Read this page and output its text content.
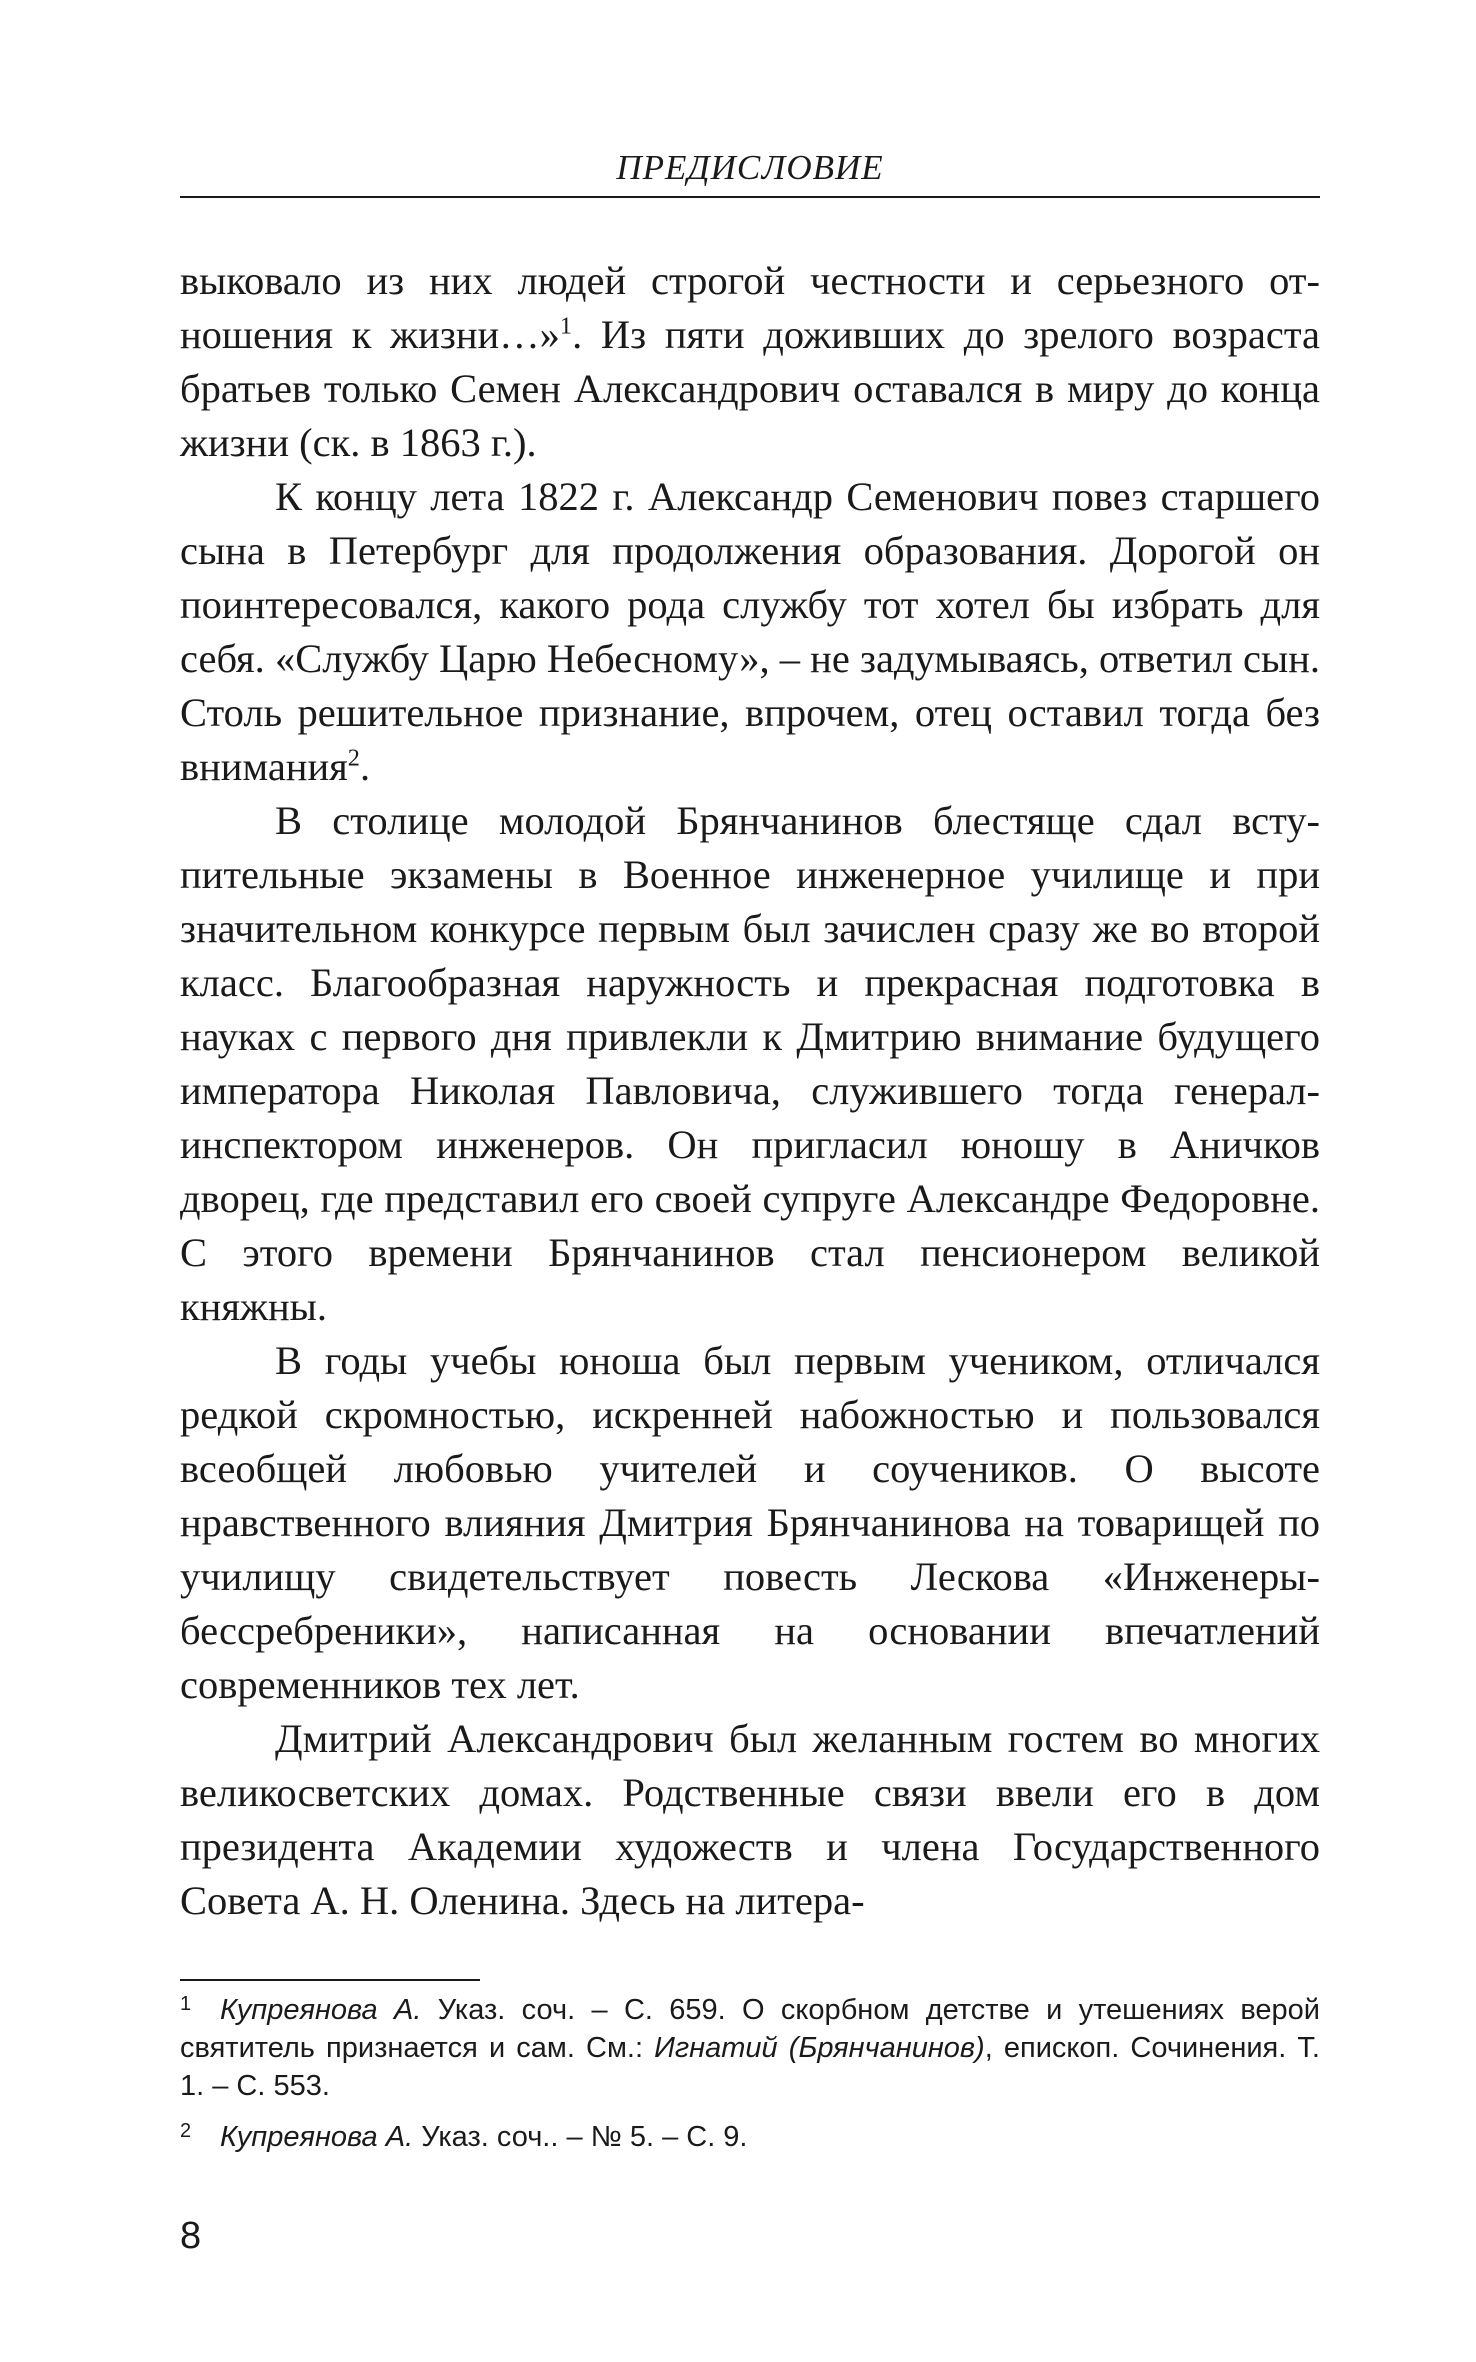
ПРЕДИСЛОВИЕ

выковало из них людей строгой честности и серьезного отношения к жизни…»$^1$. Из пяти доживших до зрелого возраста братьев только Семен Александрович оставался в миру до конца жизни (ск. в 1863 г.).

К концу лета 1822 г. Александр Семенович повез старшего сына в Петербург для продолжения образования. Дорогой он поинтересовался, какого рода службу тот хотел бы избрать для себя. «Службу Царю Небесному», – не задумываясь, ответил сын. Столь решительное признание, впрочем, отец оставил тогда без внимания$^2$.

В столице молодой Брянчанинов блестяще сдал вступительные экзамены в Военное инженерное училище и при значительном конкурсе первым был зачислен сразу же во второй класс. Благообразная наружность и прекрасная подготовка в науках с первого дня привлекли к Дмитрию внимание будущего императора Николая Павловича, служившего тогда генерал-инспектором инженеров. Он пригласил юношу в Аничков дворец, где представил его своей супруге Александре Федоровне. С этого времени Брянчанинов стал пенсионером великой княжны.

В годы учебы юноша был первым учеником, отличался редкой скромностью, искренней набожностью и пользовался всеобщей любовью учителей и соучеников. О высоте нравственного влияния Дмитрия Брянчанинова на товарищей по училищу свидетельствует повесть Лескова «Инженеры-бессребреники», написанная на основании впечатлений современников тех лет.

Дмитрий Александрович был желанным гостем во многих великосветских домах. Родственные связи ввели его в дом президента Академии художеств и члена Государственного Совета А. Н. Оленина. Здесь на литера-

1 Купреянова А. Указ. соч. – С. 659. О скорбном детстве и утешениях верой святитель признается и сам. См.: Игнатий (Брянчанинов), епископ. Сочинения. Т. 1. – С. 553.

2 Купреянова А. Указ. соч.. – № 5. – С. 9.

8
